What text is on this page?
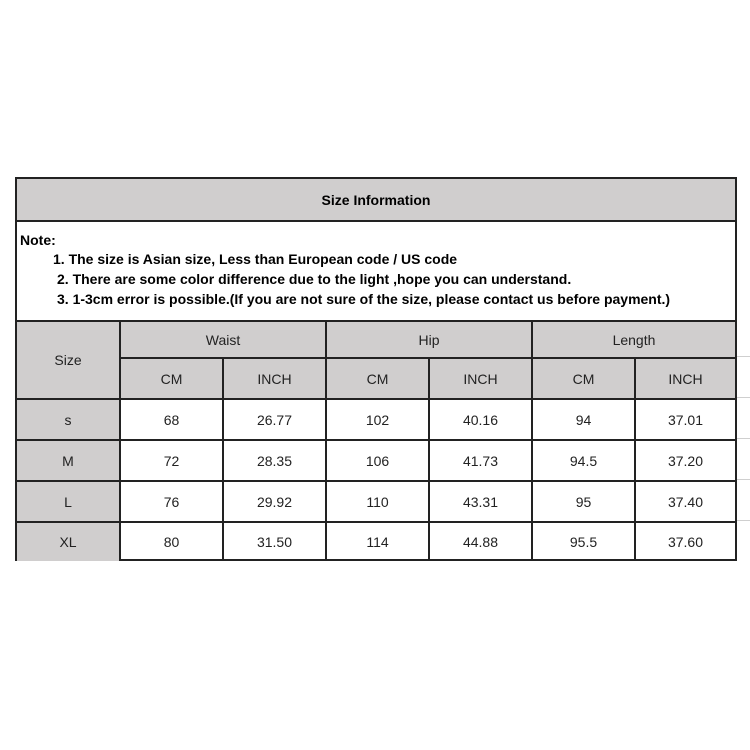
Size Information
Note:
1. The size is Asian size, Less than European code / US code
2. There are some color difference due to the light ,hope you can understand.
3. 1-3cm error is possible.(If you are not sure of the size, please contact us before payment.)
Size
Waist	Hip	Length
CM	INCH	CM	INCH	CM	INCH
s	68	26.77	102	40.16	94	37.01
M	72	28.35	106	41.73	94.5	37.20
L	76	29.92	110	43.31	95	37.40
XL	80	31.50	114	44.88	95.5	37.60
